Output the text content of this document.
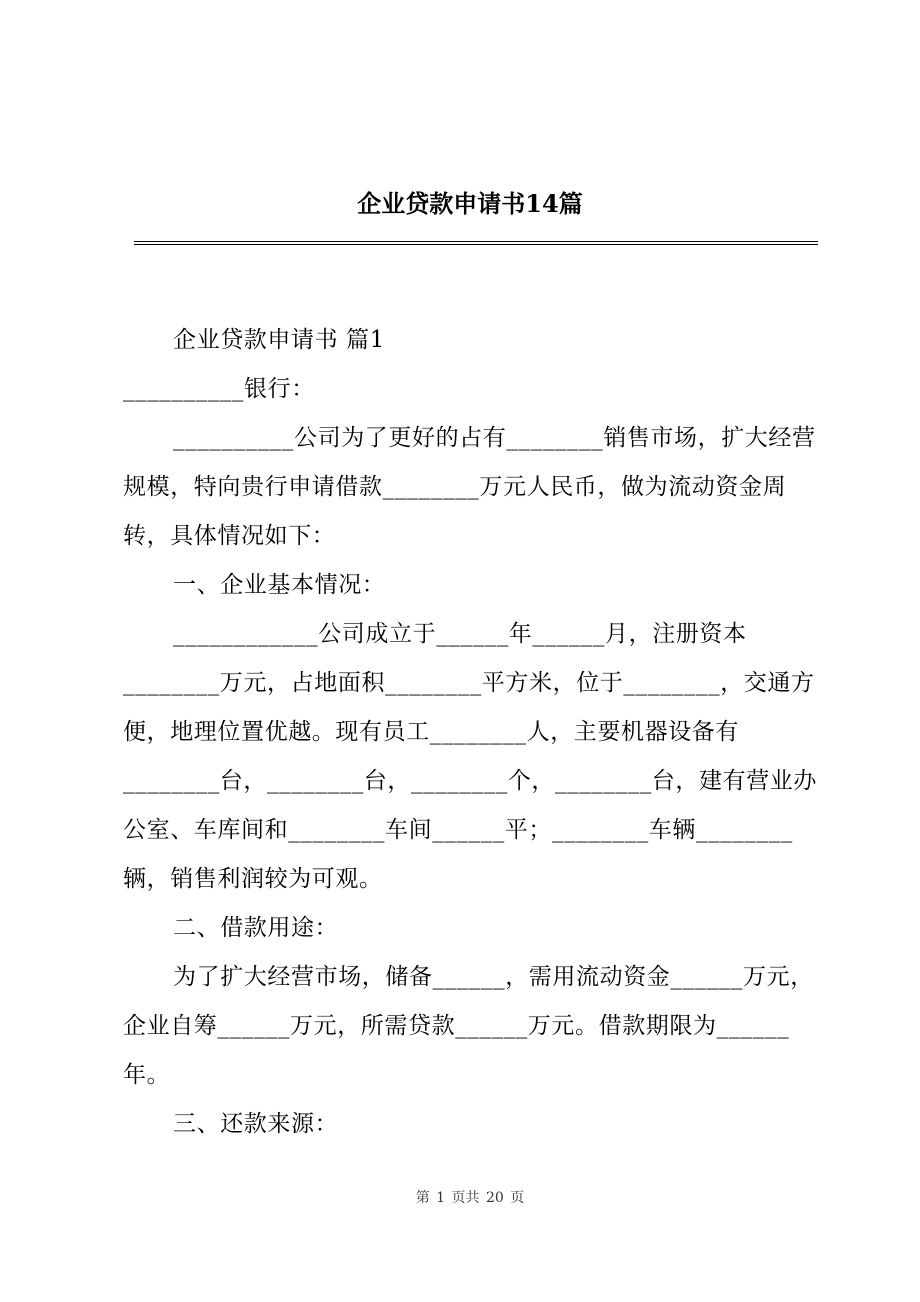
企业贷款申请书14篇

企业贷款申请书 篇1

__________银行：

__________公司为了更好的占有________销售市场，扩大经营规模，特向贵行申请借款________万元人民币，做为流动资金周转，具体情况如下：

一、企业基本情况：

____________公司成立于______年______月，注册资本________万元，占地面积________平方米，位于________，交通方便，地理位置优越。现有员工________人，主要机器设备有________台，________台，________个，________台，建有营业办公室、车库间和________车间______平；________车辆________辆，销售利润较为可观。

二、借款用途：

为了扩大经营市场，储备______，需用流动资金______万元，企业自筹______万元，所需贷款______万元。借款期限为______年。

三、还款来源：

第 1 页共 20 页
